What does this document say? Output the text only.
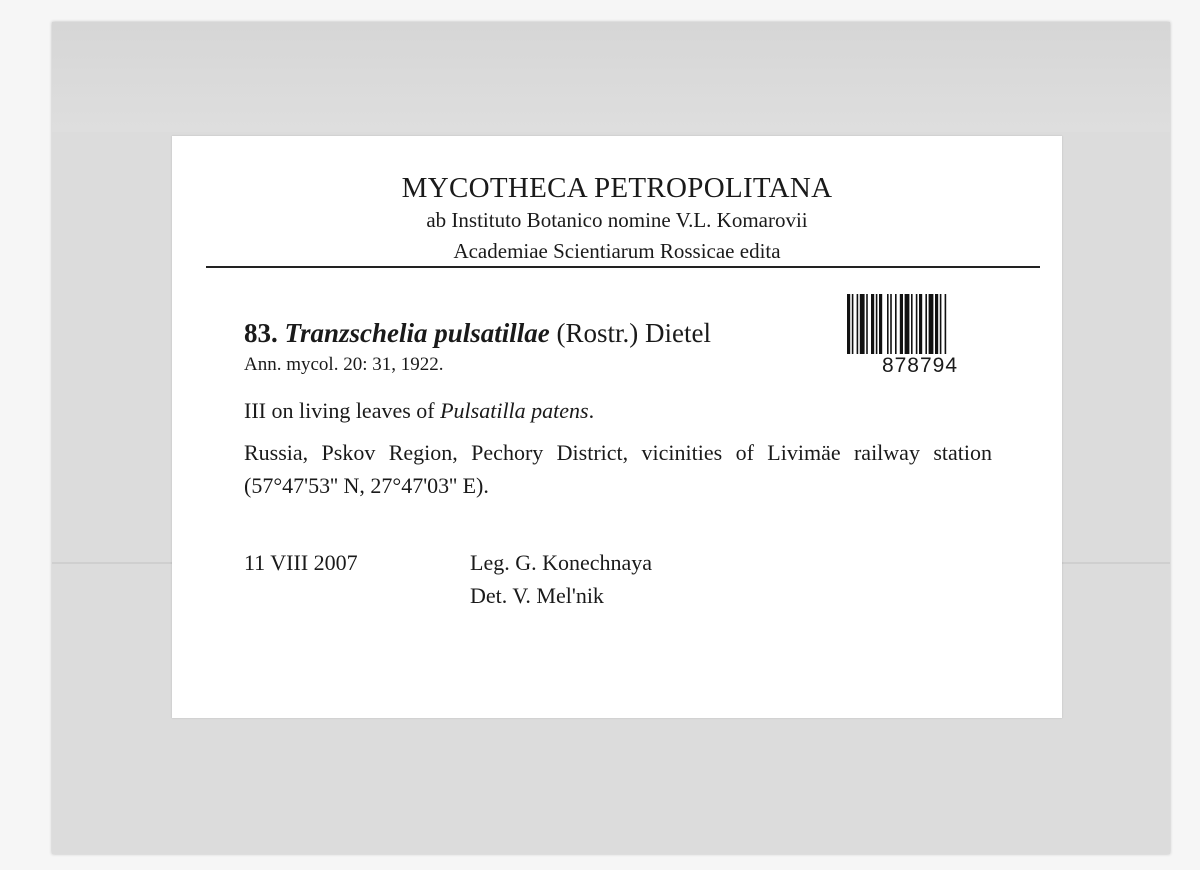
MYCOTHECA PETROPOLITANA
ab Instituto Botanico nomine V.L. Komarovii
Academiae Scientiarum Rossicae edita
83. Tranzschelia pulsatillae (Rostr.) Dietel
Ann. mycol. 20: 31, 1922.
III on living leaves of Pulsatilla patens.
Russia, Pskov Region, Pechory District, vicinities of Livimäe railway station (57°47'53'' N, 27°47'03'' E).
11 VIII 2007	Leg. G. Konechnaya
Det. V. Mel'nik
878794
